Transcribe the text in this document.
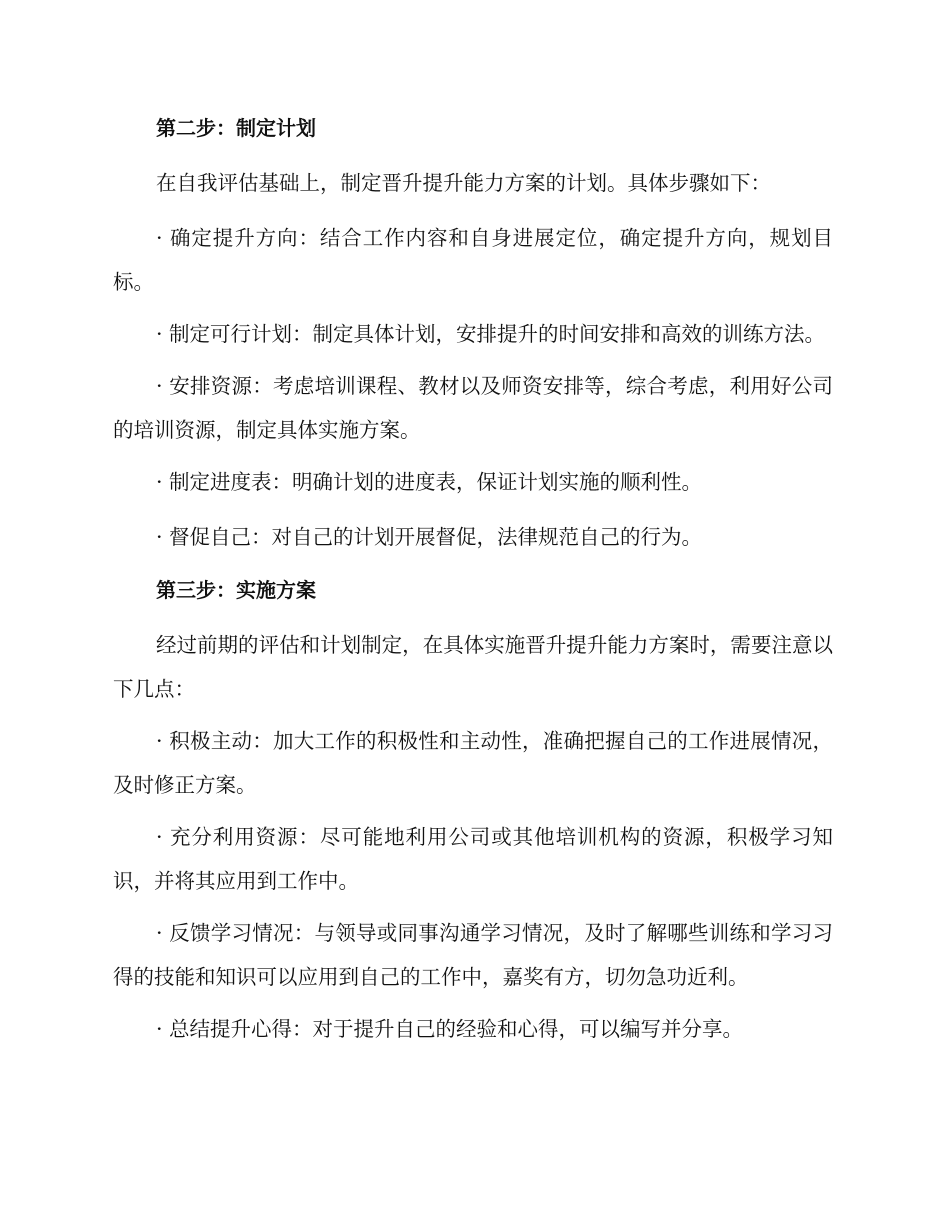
第二步：制定计划

在自我评估基础上，制定晋升提升能力方案的计划。具体步骤如下：

· 确定提升方向：结合工作内容和自身进展定位，确定提升方向，规划目标。

· 制定可行计划：制定具体计划，安排提升的时间安排和高效的训练方法。

· 安排资源：考虑培训课程、教材以及师资安排等，综合考虑，利用好公司的培训资源，制定具体实施方案。

· 制定进度表：明确计划的进度表，保证计划实施的顺利性。

· 督促自己：对自己的计划开展督促，法律规范自己的行为。

第三步：实施方案

经过前期的评估和计划制定，在具体实施晋升提升能力方案时，需要注意以下几点：

· 积极主动：加大工作的积极性和主动性，准确把握自己的工作进展情况，及时修正方案。

· 充分利用资源：尽可能地利用公司或其他培训机构的资源，积极学习知识，并将其应用到工作中。

· 反馈学习情况：与领导或同事沟通学习情况，及时了解哪些训练和学习习得的技能和知识可以应用到自己的工作中，嘉奖有方，切勿急功近利。

· 总结提升心得：对于提升自己的经验和心得，可以编写并分享。
